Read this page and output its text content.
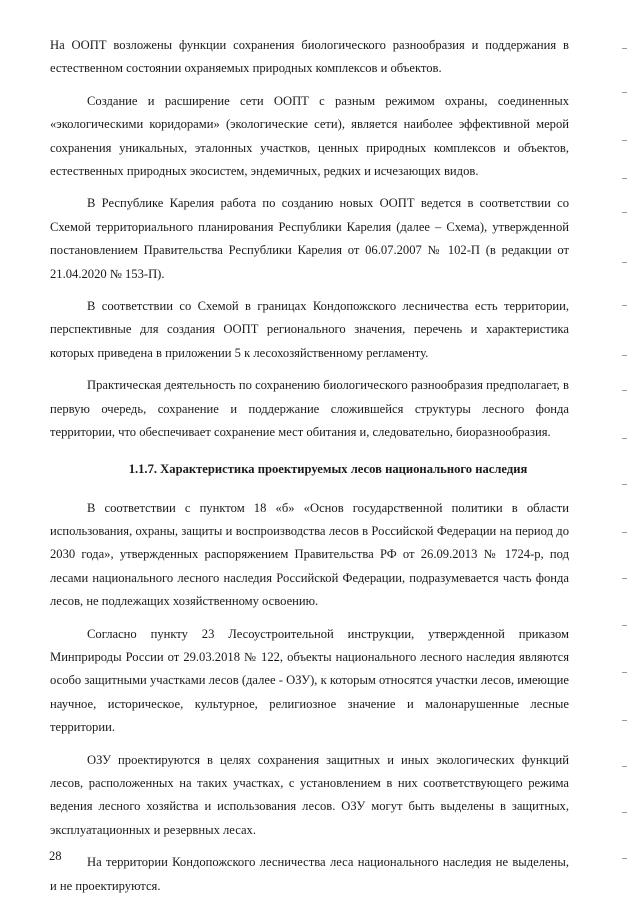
На ООПТ возложены функции сохранения биологического разнообразия и поддержания в естественном состоянии охраняемых природных комплексов и объектов.

Создание и расширение сети ООПТ с разным режимом охраны, соединенных «экологическими коридорами» (экологические сети), является наиболее эффективной мерой сохранения уникальных, эталонных участков, ценных природных комплексов и объектов, естественных природных экосистем, эндемичных, редких и исчезающих видов.

В Республике Карелия работа по созданию новых ООПТ ведется в соответствии со Схемой территориального планирования Республики Карелия (далее – Схема), утвержденной постановлением Правительства Республики Карелия от 06.07.2007 № 102-П (в редакции от 21.04.2020 № 153-П).

В соответствии со Схемой в границах Кондопожского лесничества есть территории, перспективные для создания ООПТ регионального значения, перечень и характеристика которых приведена в приложении 5 к лесохозяйственному регламенту.

Практическая деятельность по сохранению биологического разнообразия предполагает, в первую очередь, сохранение и поддержание сложившейся структуры лесного фонда территории, что обеспечивает сохранение мест обитания и, следовательно, биоразнообразия.

1.1.7. Характеристика проектируемых лесов национального наследия

В соответствии с пунктом 18 «б» «Основ государственной политики в области использования, охраны, защиты и воспроизводства лесов в Российской Федерации на период до 2030 года», утвержденных распоряжением Правительства РФ от 26.09.2013 № 1724-р, под лесами национального лесного наследия Российской Федерации, подразумевается часть фонда лесов, не подлежащих хозяйственному освоению.

Согласно пункту 23 Лесоустроительной инструкции, утвержденной приказом Минприроды России от 29.03.2018 № 122, объекты национального лесного наследия являются особо защитными участками лесов (далее - ОЗУ), к которым относятся участки лесов, имеющие научное, историческое, культурное, религиозное значение и малонарушенные лесные территории.

ОЗУ проектируются в целях сохранения защитных и иных экологических функций лесов, расположенных на таких участках, с установлением в них соответствующего режима ведения лесного хозяйства и использования лесов. ОЗУ могут быть выделены в защитных, эксплуатационных и резервных лесах.

На территории Кондопожского лесничества леса национального наследия не выделены, и не проектируются.

28
